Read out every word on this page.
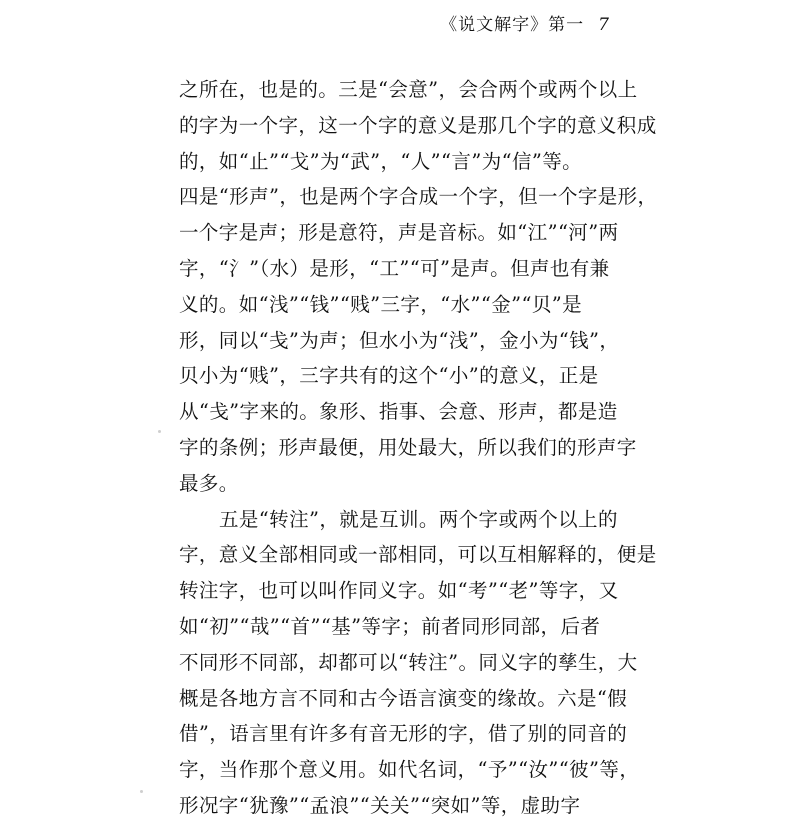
《说文解字》第一 7
之所在，也是的。三是“会意”，会合两个或两个以上
的字为一个字，这一个字的意义是那几个字的意义积成
的，如“止”“戈”为“武”，“人”“言”为“信”等。
四是“形声”，也是两个字合成一个字，但一个字是形，
一个字是声；形是意符，声是音标。如“江”“河”两
字，“氵”（水）是形，“工”“可”是声。但声也有兼
义的。如“浅”“钱”“贱”三字，“水”“金”“贝”是
形，同以“戋”为声；但水小为“浅”，金小为“钱”，
贝小为“贱”，三字共有的这个“小”的意义，正是
从“戋”字来的。象形、指事、会意、形声，都是造
字的条例；形声最便，用处最大，所以我们的形声字
最多。
五是“转注”，就是互训。两个字或两个以上的
字，意义全部相同或一部相同，可以互相解释的，便是
转注字，也可以叫作同义字。如“考”“老”等字，又
如“初”“哉”“首”“基”等字；前者同形同部，后者
不同形不同部，却都可以“转注”。同义字的孳生，大
概是各地方言不同和古今语言演变的缘故。六是“假
借”，语言里有许多有音无形的字，借了别的同音的
字，当作那个意义用。如代名词，“予”“汝”“彼”等，
形况字“犹豫”“孟浪”“关关”“突如”等，虚助字
